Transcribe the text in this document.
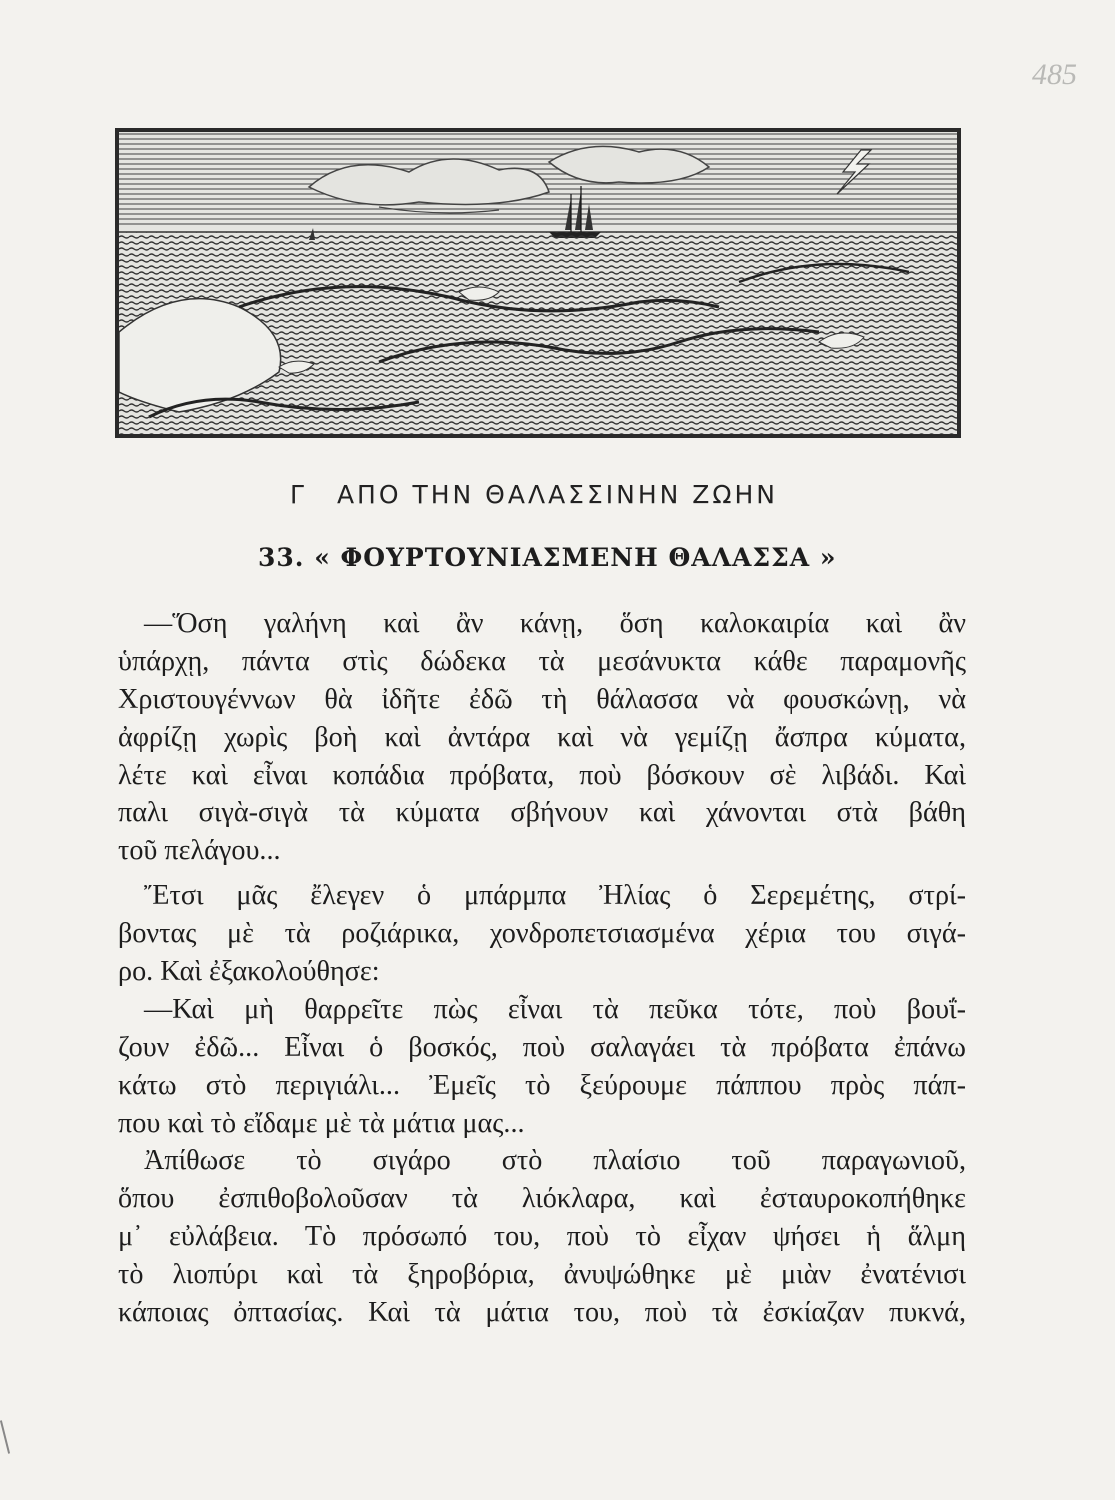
485
Γ ΑΠΟ ΤΗΝ ΘΑΛΑΣΣΙΝΗΝ ΖΩΗΝ
33. « ΦΟΥΡΤΟΥΝΙΑΣΜΕΝΗ ΘΑΛΑΣΣΑ »
—Ὅση γαλήνη καὶ ἂν κάνῃ, ὅση καλοκαιρία καὶ ἂν
ὑπάρχῃ, πάντα στὶς δώδεκα τὰ μεσάνυκτα κάθε παραμονῆς
Χριστουγέννων θὰ ἰδῆτε ἐδῶ τὴ θάλασσα νὰ φουσκώνῃ, νὰ
ἀφρίζῃ χωρὶς βοὴ καὶ ἀντάρα καὶ νὰ γεμίζῃ ἄσπρα κύματα,
λέτε καὶ εἶναι κοπάδια πρόβατα, ποὺ βόσκουν σὲ λιβάδι. Καὶ
παλι σιγὰ-σιγὰ τὰ κύματα σβήνουν καὶ χάνονται στὰ βάθη
τοῦ πελάγου...
Ἔτσι μᾶς ἔλεγεν ὁ μπάρμπα Ἠλίας ὁ Σερεμέτης, στρί-
βοντας μὲ τὰ ροζιάρικα, χονδροπετσιασμένα χέρια του σιγά-
ρο. Καὶ ἐξακολούθησε:
—Καὶ μὴ θαρρεῖτε πὼς εἶναι τὰ πεῦκα τότε, ποὺ βουΐ-
ζουν ἐδῶ... Εἶναι ὁ βοσκός, ποὺ σαλαγάει τὰ πρόβατα ἐπάνω
κάτω στὸ περιγιάλι... Ἐμεῖς τὸ ξεύρουμε πάππου πρὸς πάπ-
που καὶ τὸ εἴδαμε μὲ τὰ μάτια μας...
Ἀπίθωσε τὸ σιγάρο στὸ πλαίσιο τοῦ παραγωνιοῦ,
ὅπου ἐσπιθοβολοῦσαν τὰ λιόκλαρα, καὶ ἐσταυροκοπήθηκε
μ᾽ εὐλάβεια. Τὸ πρόσωπό του, ποὺ τὸ εἶχαν ψήσει ἡ ἅλμη
τὸ λιοπύρι καὶ τὰ ξηροβόρια, ἀνυψώθηκε μὲ μιὰν ἐνατένισι
κάποιας ὀπτασίας. Καὶ τὰ μάτια του, ποὺ τὰ ἐσκίαζαν πυκνά,
